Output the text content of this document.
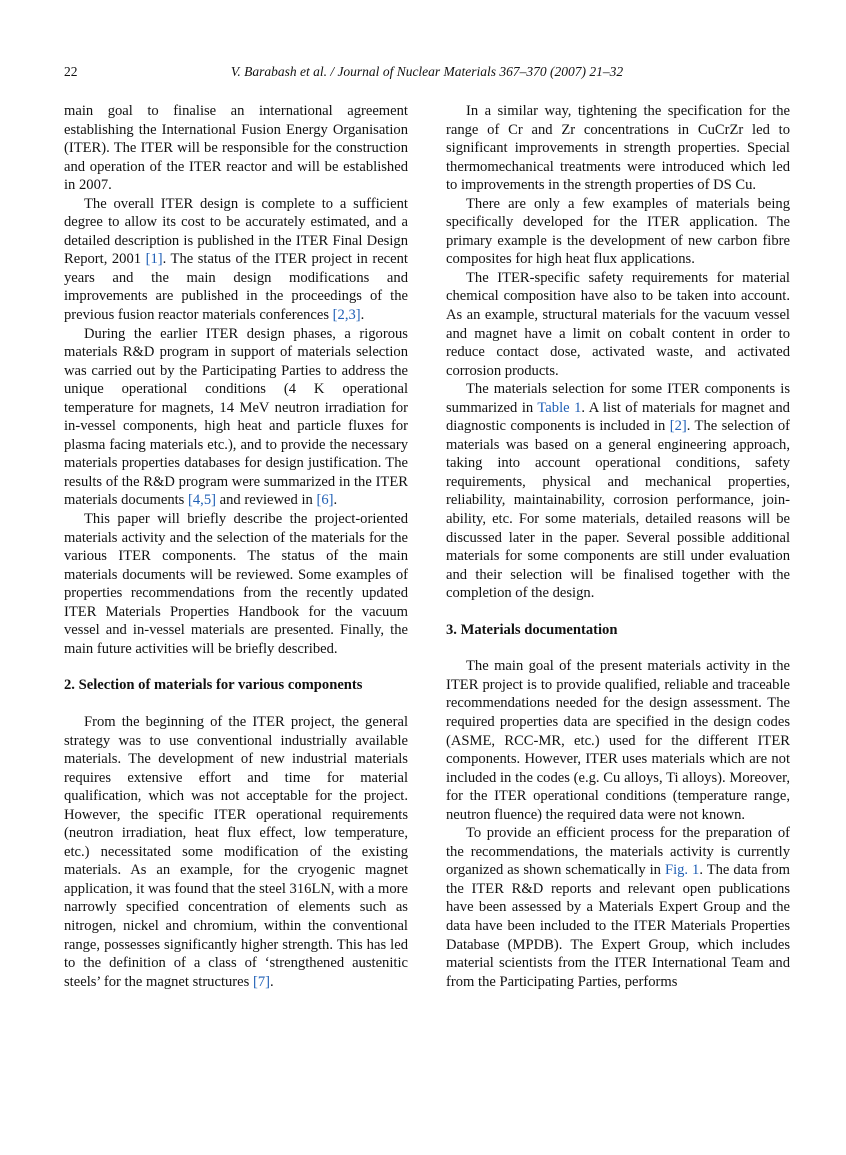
22	V. Barabash et al. / Journal of Nuclear Materials 367–370 (2007) 21–32

main goal to finalise an international agreement establishing the International Fusion Energy Organisation (ITER). The ITER will be responsible for the construction and operation of the ITER reactor and will be established in 2007.

The overall ITER design is complete to a sufficient degree to allow its cost to be accurately estimated, and a detailed description is published in the ITER Final Design Report, 2001 [1]. The status of the ITER project in recent years and the main design modifications and improvements are published in the proceedings of the previous fusion reactor materials conferences [2,3].

During the earlier ITER design phases, a rigorous materials R&D program in support of materials selection was carried out by the Participating Parties to address the unique operational conditions (4 K operational temperature for magnets, 14 MeV neutron irradiation for in-vessel components, high heat and particle fluxes for plasma facing materials etc.), and to provide the necessary materials properties databases for design justification. The results of the R&D program were summarized in the ITER materials documents [4,5] and reviewed in [6].

This paper will briefly describe the project-oriented materials activity and the selection of the materials for the various ITER components. The status of the main materials documents will be reviewed. Some examples of properties recommendations from the recently updated ITER Materials Properties Handbook for the vacuum vessel and in-vessel materials are presented. Finally, the main future activities will be briefly described.

2. Selection of materials for various components

From the beginning of the ITER project, the general strategy was to use conventional industrially available materials. The development of new industrial materials requires extensive effort and time for material qualification, which was not acceptable for the project. However, the specific ITER operational requirements (neutron irradiation, heat flux effect, low temperature, etc.) necessitated some modification of the existing materials. As an example, for the cryogenic magnet application, it was found that the steel 316LN, with a more narrowly specified concentration of elements such as nitrogen, nickel and chromium, within the conventional range, possesses significantly higher strength. This has led to the definition of a class of ‘strengthened austenitic steels’ for the magnet structures [7].

In a similar way, tightening the specification for the range of Cr and Zr concentrations in CuCrZr led to significant improvements in strength properties. Special thermomechanical treatments were introduced which led to improvements in the strength properties of DS Cu.

There are only a few examples of materials being specifically developed for the ITER application. The primary example is the development of new carbon fibre composites for high heat flux applications.

The ITER-specific safety requirements for material chemical composition have also to be taken into account. As an example, structural materials for the vacuum vessel and magnet have a limit on cobalt content in order to reduce contact dose, activated waste, and activated corrosion products.

The materials selection for some ITER components is summarized in Table 1. A list of materials for magnet and diagnostic components is included in [2]. The selection of materials was based on a general engineering approach, taking into account operational conditions, safety requirements, physical and mechanical properties, reliability, maintainability, corrosion performance, join-ability, etc. For some materials, detailed reasons will be discussed later in the paper. Several possible additional materials for some components are still under evaluation and their selection will be finalised together with the completion of the design.

3. Materials documentation

The main goal of the present materials activity in the ITER project is to provide qualified, reliable and traceable recommendations needed for the design assessment. The required properties data are specified in the design codes (ASME, RCC-MR, etc.) used for the different ITER components. However, ITER uses materials which are not included in the codes (e.g. Cu alloys, Ti alloys). Moreover, for the ITER operational conditions (temperature range, neutron fluence) the required data were not known.

To provide an efficient process for the preparation of the recommendations, the materials activity is currently organized as shown schematically in Fig. 1. The data from the ITER R&D reports and relevant open publications have been assessed by a Materials Expert Group and the data have been included to the ITER Materials Properties Database (MPDB). The Expert Group, which includes material scientists from the ITER International Team and from the Participating Parties, performs
